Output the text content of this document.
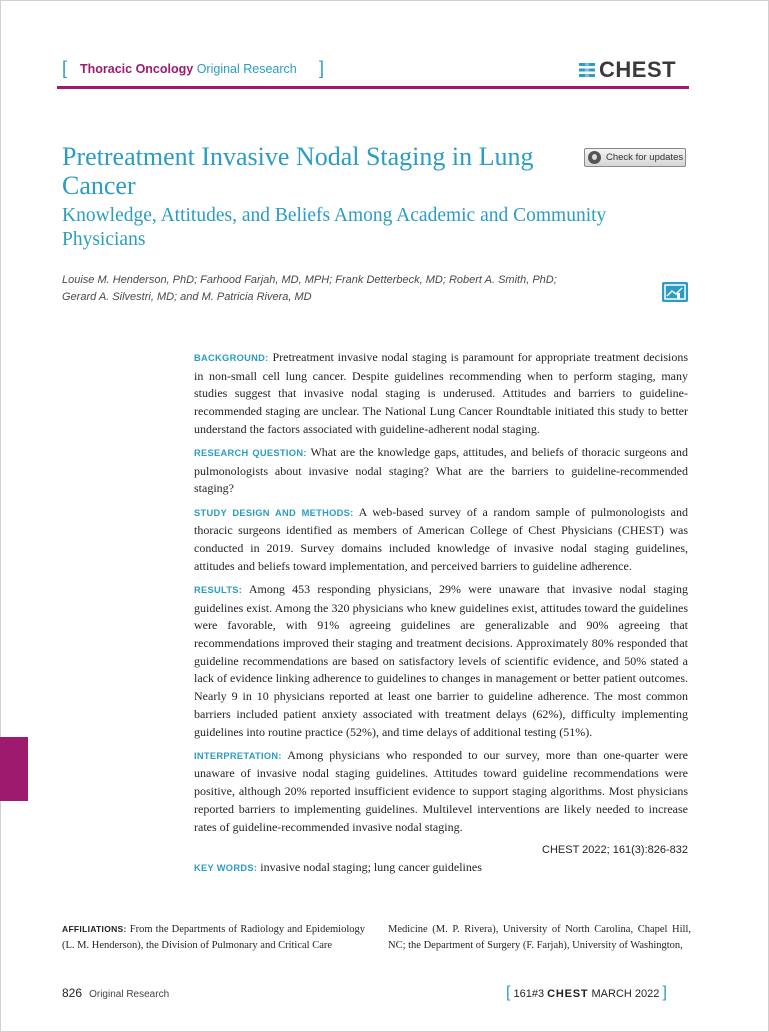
[ Thoracic Oncology Original Research ]	CHEST
Pretreatment Invasive Nodal Staging in Lung Cancer
Check for updates
Knowledge, Attitudes, and Beliefs Among Academic and Community Physicians
Louise M. Henderson, PhD; Farhood Farjah, MD, MPH; Frank Detterbeck, MD; Robert A. Smith, PhD;
Gerard A. Silvestri, MD; and M. Patricia Rivera, MD

BACKGROUND: Pretreatment invasive nodal staging is paramount for appropriate treatment decisions in non-small cell lung cancer. Despite guidelines recommending when to perform staging, many studies suggest that invasive nodal staging is underused. Attitudes and barriers to guideline-recommended staging are unclear. The National Lung Cancer Roundtable initiated this study to better understand the factors associated with guideline-adherent nodal staging.

RESEARCH QUESTION: What are the knowledge gaps, attitudes, and beliefs of thoracic surgeons and pulmonologists about invasive nodal staging? What are the barriers to guideline-recommended staging?

STUDY DESIGN AND METHODS: A web-based survey of a random sample of pulmonologists and thoracic surgeons identified as members of American College of Chest Physicians (CHEST) was conducted in 2019. Survey domains included knowledge of invasive nodal staging guidelines, attitudes and beliefs toward implementation, and perceived barriers to guideline adherence.

RESULTS: Among 453 responding physicians, 29% were unaware that invasive nodal staging guidelines exist. Among the 320 physicians who knew guidelines exist, attitudes toward the guidelines were favorable, with 91% agreeing guidelines are generalizable and 90% agreeing that recommendations improved their staging and treatment decisions. Approximately 80% responded that guideline recommendations are based on satisfactory levels of scientific evidence, and 50% stated a lack of evidence linking adherence to guidelines to changes in management or better patient outcomes. Nearly 9 in 10 physicians reported at least one barrier to guideline adherence. The most common barriers included patient anxiety associated with treatment delays (62%), difficulty implementing guidelines into routine practice (52%), and time delays of additional testing (51%).

INTERPRETATION: Among physicians who responded to our survey, more than one-quarter were unaware of invasive nodal staging guidelines. Attitudes toward guideline recommendations were positive, although 20% reported insufficient evidence to support staging algorithms. Most physicians reported barriers to implementing guidelines. Multilevel interventions are likely needed to increase rates of guideline-recommended invasive nodal staging.

CHEST 2022; 161(3):826-832

KEY WORDS: invasive nodal staging; lung cancer guidelines

AFFILIATIONS: From the Departments of Radiology and Epidemiology (L. M. Henderson), the Division of Pulmonary and Critical Care
Medicine (M. P. Rivera), University of North Carolina, Chapel Hill, NC; the Department of Surgery (F. Farjah), University of Washington,
826 Original Research	[ 161#3 CHEST MARCH 2022 ]
